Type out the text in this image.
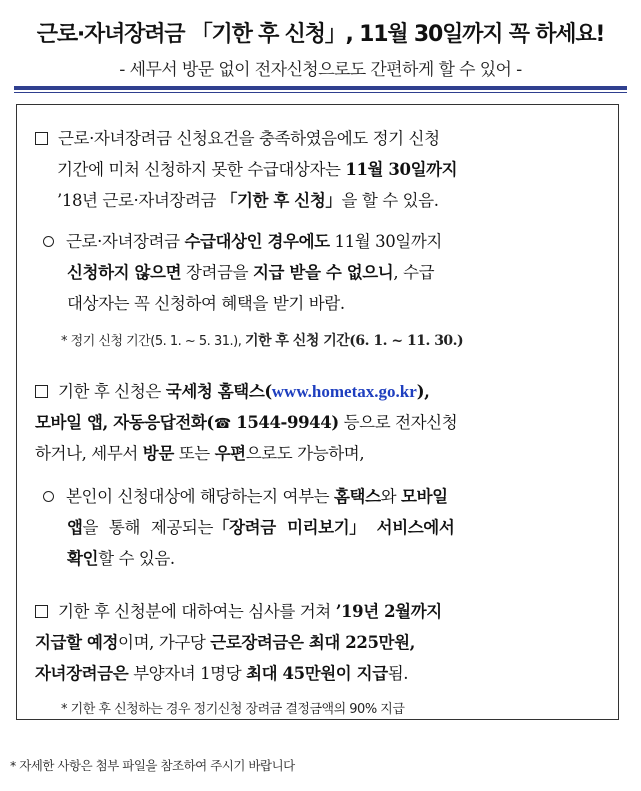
근로·자녀장려금 「기한 후 신청」, 11월 30일까지 꼭 하세요!
- 세무서 방문 없이 전자신청으로도 간편하게 할 수 있어 -
근로·자녀장려금 신청요건을 충족하였음에도 정기 신청
기간에 미처 신청하지 못한 수급대상자는 11월 30일까지
’18년 근로·자녀장려금 「기한 후 신청」을 할 수 있음.
근로·자녀장려금 수급대상인 경우에도 11월 30일까지
신청하지 않으면 장려금을 지급 받을 수 없으니, 수급
대상자는 꼭 신청하여 혜택을 받기 바람.
* 정기 신청 기간(5. 1. ~ 5. 31.), 기한 후 신청 기간(6. 1. ~ 11. 30.)
기한 후 신청은 국세청 홈택스(www.hometax.go.kr),
모바일 앱, 자동응답전화(☎ 1544-9944) 등으로 전자신청
하거나, 세무서 방문 또는 우편으로도 가능하며,
본인이 신청대상에 해당하는지 여부는 홈택스와 모바일
앱을 통해 제공되는「장려금 미리보기」 서비스에서
확인할 수 있음.
기한 후 신청분에 대하여는 심사를 거쳐 ’19년 2월까지
지급할 예정이며, 가구당 근로장려금은 최대 225만원,
자녀장려금은 부양자녀 1명당 최대 45만원이 지급됨.
* 기한 후 신청하는 경우 정기신청 장려금 결정금액의 90% 지급
* 자세한 사항은 첨부 파일을 참조하여 주시기 바랍니다
